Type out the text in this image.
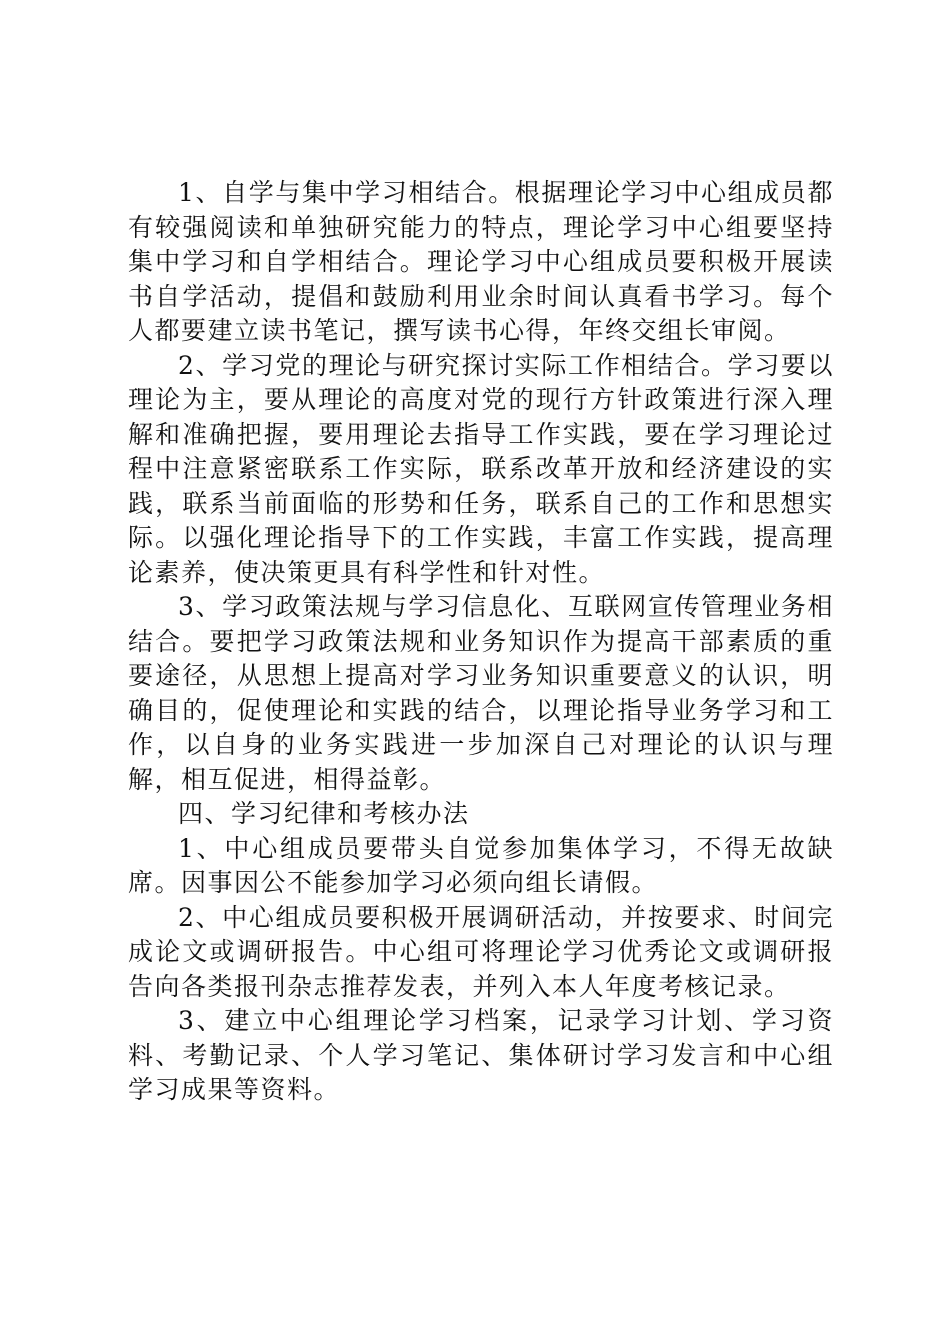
1、自学与集中学习相结合。根据理论学习中心组成员都有较强阅读和单独研究能力的特点，理论学习中心组要坚持集中学习和自学相结合。理论学习中心组成员要积极开展读书自学活动，提倡和鼓励利用业余时间认真看书学习。每个人都要建立读书笔记，撰写读书心得，年终交组长审阅。

2、学习党的理论与研究探讨实际工作相结合。学习要以理论为主，要从理论的高度对党的现行方针政策进行深入理解和准确把握，要用理论去指导工作实践，要在学习理论过程中注意紧密联系工作实际，联系改革开放和经济建设的实践，联系当前面临的形势和任务，联系自己的工作和思想实际。以强化理论指导下的工作实践，丰富工作实践，提高理论素养，使决策更具有科学性和针对性。

3、学习政策法规与学习信息化、互联网宣传管理业务相结合。要把学习政策法规和业务知识作为提高干部素质的重要途径，从思想上提高对学习业务知识重要意义的认识，明确目的，促使理论和实践的结合，以理论指导业务学习和工作，以自身的业务实践进一步加深自己对理论的认识与理解，相互促进，相得益彰。

四、学习纪律和考核办法

1、中心组成员要带头自觉参加集体学习，不得无故缺席。因事因公不能参加学习必须向组长请假。

2、中心组成员要积极开展调研活动，并按要求、时间完成论文或调研报告。中心组可将理论学习优秀论文或调研报告向各类报刊杂志推荐发表，并列入本人年度考核记录。

3、建立中心组理论学习档案，记录学习计划、学习资料、考勤记录、个人学习笔记、集体研讨学习发言和中心组学习成果等资料。
